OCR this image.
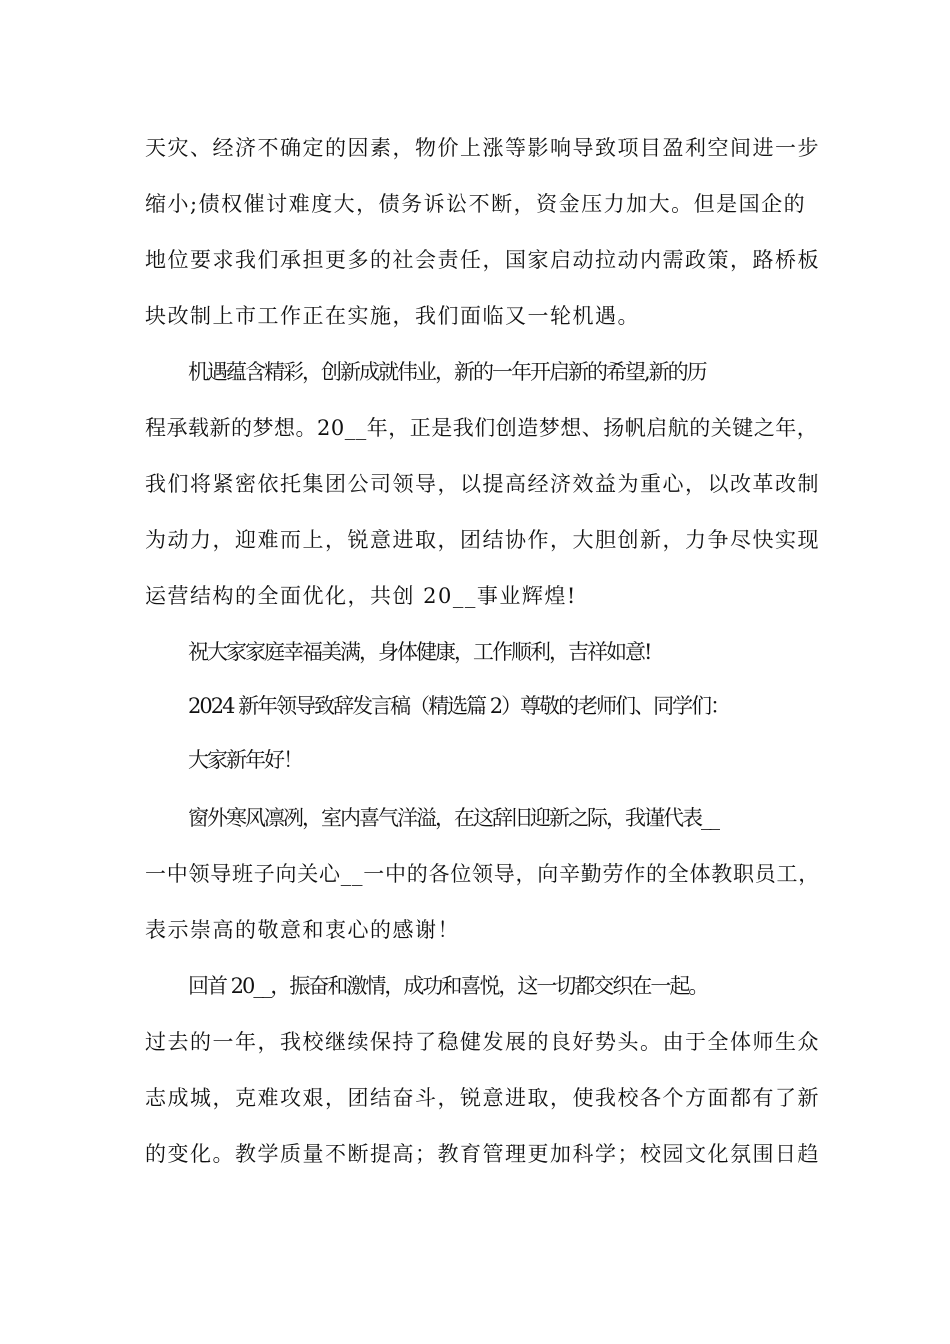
天灾、经济不确定的因素，物价上涨等影响导致项目盈利空间进一步
缩小;债权催讨难度大，债务诉讼不断，资金压力加大。但是国企的
地位要求我们承担更多的社会责任，国家启动拉动内需政策，路桥板
块改制上市工作正在实施，我们面临又一轮机遇。
机遇蕴含精彩，创新成就伟业，新的一年开启新的希望,新的历
程承载新的梦想。20__年，正是我们创造梦想、扬帆启航的关键之年，
我们将紧密依托集团公司领导，以提高经济效益为重心，以改革改制
为动力，迎难而上，锐意进取，团结协作，大胆创新，力争尽快实现
运营结构的全面优化，共创 20__事业辉煌!
祝大家家庭幸福美满，身体健康，工作顺利，吉祥如意!
2024 新年领导致辞发言稿（精选篇 2）尊敬的老师们、同学们：
大家新年好！
窗外寒风凛冽，室内喜气洋溢，在这辞旧迎新之际，我谨代表__
一中领导班子向关心__一中的各位领导，向辛勤劳作的全体教职员工，
表示崇高的敬意和衷心的感谢！
回首 20__，振奋和激情，成功和喜悦，这一切都交织在一起。
过去的一年，我校继续保持了稳健发展的良好势头。由于全体师生众
志成城，克难攻艰，团结奋斗，锐意进取，使我校各个方面都有了新
的变化。教学质量不断提高；教育管理更加科学；校园文化氛围日趋
